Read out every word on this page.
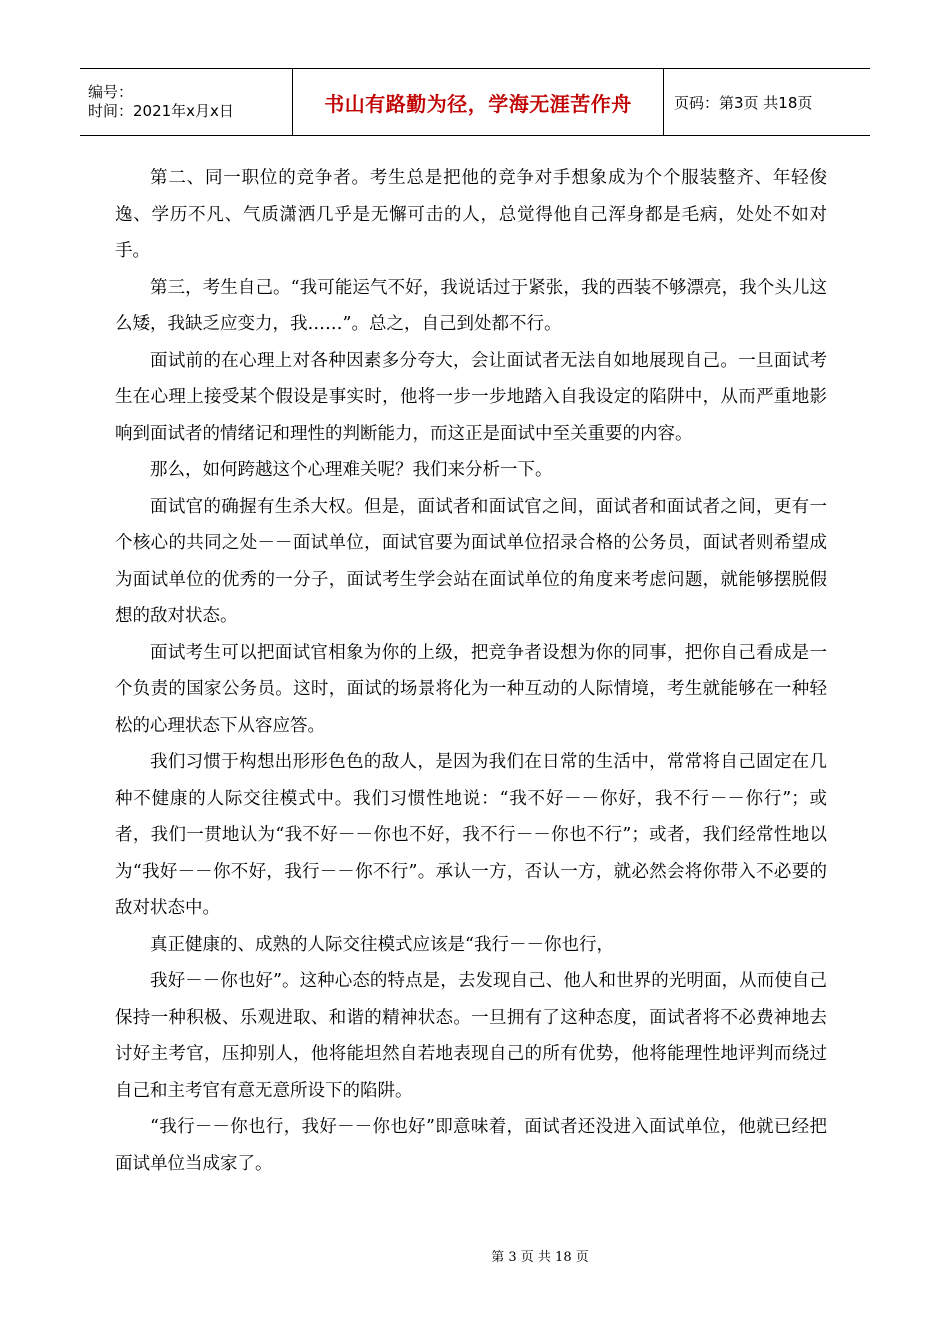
编号：
时间：2021年x月x日	书山有路勤为径，学海无涯苦作舟	页码：第3页 共18页

第二、同一职位的竞争者。考生总是把他的竞争对手想象成为个个服装整齐、年轻俊逸、学历不凡、气质潇洒几乎是无懈可击的人，总觉得他自己浑身都是毛病，处处不如对手。

第三，考生自己。“我可能运气不好，我说话过于紧张，我的西装不够漂亮，我个头儿这么矮，我缺乏应变力，我……”。总之，自己到处都不行。

面试前的在心理上对各种因素多分夸大，会让面试者无法自如地展现自己。一旦面试考生在心理上接受某个假设是事实时，他将一步一步地踏入自我设定的陷阱中，从而严重地影响到面试者的情绪记和理性的判断能力，而这正是面试中至关重要的内容。

那么，如何跨越这个心理难关呢？我们来分析一下。

面试官的确握有生杀大权。但是，面试者和面试官之间，面试者和面试者之间，更有一个核心的共同之处－－面试单位，面试官要为面试单位招录合格的公务员，面试者则希望成为面试单位的优秀的一分子，面试考生学会站在面试单位的角度来考虑问题，就能够摆脱假想的敌对状态。

面试考生可以把面试官相象为你的上级，把竞争者设想为你的同事，把你自己看成是一个负责的国家公务员。这时，面试的场景将化为一种互动的人际情境，考生就能够在一种轻松的心理状态下从容应答。

我们习惯于构想出形形色色的敌人，是因为我们在日常的生活中，常常将自己固定在几种不健康的人际交往模式中。我们习惯性地说：“我不好－－你好，我不行－－你行”；或者，我们一贯地认为“我不好－－你也不好，我不行－－你也不行”；或者，我们经常性地以为“我好－－你不好，我行－－你不行”。承认一方，否认一方，就必然会将你带入不必要的敌对状态中。

真正健康的、成熟的人际交往模式应该是“我行－－你也行，

我好－－你也好”。这种心态的特点是，去发现自己、他人和世界的光明面，从而使自己保持一种积极、乐观进取、和谐的精神状态。一旦拥有了这种态度，面试者将不必费神地去讨好主考官，压抑别人，他将能坦然自若地表现自己的所有优势，他将能理性地评判而绕过自己和主考官有意无意所设下的陷阱。

“我行－－你也行，我好－－你也好”即意味着，面试者还没进入面试单位，他就已经把面试单位当成家了。

第 3 页 共 18 页
